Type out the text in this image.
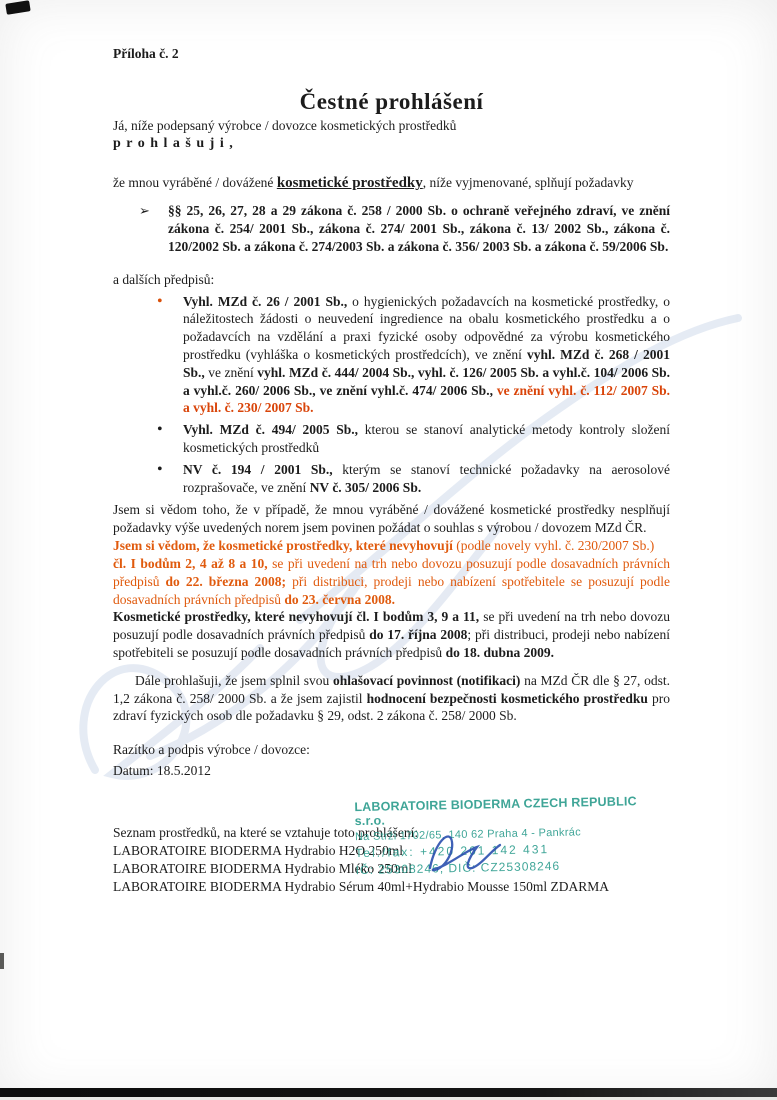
Příloha č. 2
Čestné prohlášení

Já, níže podepsaný výrobce / dovozce kosmetických prostředků

p r o h l a š u j i ,

že mnou vyráběné / dovážené kosmetické prostředky, níže vyjmenované, splňují požadavky

➢ §§ 25, 26, 27, 28 a 29 zákona č. 258 / 2000 Sb. o ochraně veřejného zdraví, ve znění zákona č. 254/ 2001 Sb., zákona č. 274/ 2001 Sb., zákona č. 13/ 2002 Sb., zákona č. 120/2002 Sb. a zákona č. 274/2003 Sb. a zákona č. 356/ 2003 Sb. a zákona č. 59/2006 Sb.

a dalších předpisů:

• Vyhl. MZd č. 26 / 2001 Sb., o hygienických požadavcích na kosmetické prostředky, o náležitostech žádosti o neuvedení ingredience na obalu kosmetického prostředku a o požadavcích na vzdělání a praxi fyzické osoby odpovědné za výrobu kosmetického prostředku (vyhláška o kosmetických prostředcích), ve znění vyhl. MZd č. 268 / 2001 Sb., ve znění vyhl. MZd č. 444/ 2004 Sb., vyhl. č. 126/ 2005 Sb. a vyhl.č. 104/ 2006 Sb. a vyhl.č. 260/ 2006 Sb., ve znění vyhl.č. 474/ 2006 Sb., ve znění vyhl. č. 112/ 2007 Sb. a vyhl. č. 230/ 2007 Sb.
• Vyhl. MZd č. 494/ 2005 Sb., kterou se stanoví analytické metody kontroly složení kosmetických prostředků
• NV č. 194 / 2001 Sb., kterým se stanoví technické požadavky na aerosolové rozprašovače, ve znění NV č. 305/ 2006 Sb.

Jsem si vědom toho, že v případě, že mnou vyráběné / dovážené kosmetické prostředky nesplňují požadavky výše uvedených norem jsem povinen požádat o souhlas s výrobou / dovozem MZd ČR.

Jsem si vědom, že kosmetické prostředky, které nevyhovují (podle novely vyhl. č. 230/2007 Sb.)

čl. I bodům 2, 4 až 8 a 10, se při uvedení na trh nebo dovozu posuzují podle dosavadních právních předpisů do 22. března 2008; při distribuci, prodeji nebo nabízení spotřebitele se posuzují podle dosavadních právních předpisů do 23. června 2008.

Kosmetické prostředky, které nevyhovují čl. I bodům 3, 9 a 11, se při uvedení na trh nebo dovozu posuzují podle dosavadních právních předpisů do 17. října 2008; při distribuci, prodeji nebo nabízení spotřebiteli se posuzují podle dosavadních právních předpisů do 18. dubna 2009.

Dále prohlašuji, že jsem splnil svou ohlašovací povinnost (notifikaci) na MZd ČR dle § 27, odst. 1,2 zákona č. 258/ 2000 Sb. a že jsem zajistil hodnocení bezpečnosti kosmetického prostředku pro zdraví fyzických osob dle požadavku § 29, odst. 2 zákona č. 258/ 2000 Sb.

Razítko a podpis výrobce / dovozce:

Datum: 18.5.2012

Seznam prostředků, na které se vztahuje toto prohlášení:

LABORATOIRE BIODERMA Hydrabio H2O 250ml
LABORATOIRE BIODERMA Hydrabio Mléko 250ml
LABORATOIRE BIODERMA Hydrabio Sérum 40ml+Hydrabio Mousse 150ml ZDARMA
LABORATOIRE BIODERMA CZECH REPUBLIC s.r.o.
Na Strži 1702/65, 140 62 Praha 4 - Pankrác
Tel./fax: +420 261 142 431
IČ: 25308246, DIČ: CZ25308246
